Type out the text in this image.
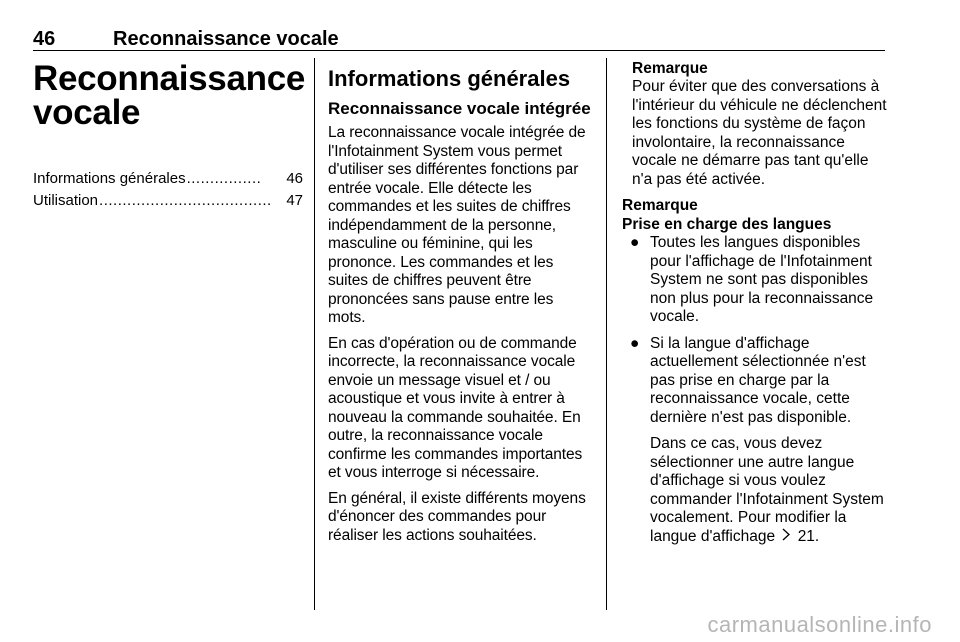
46	Reconnaissance vocale
Reconnaissance vocale
Informations générales ................	46
Utilisation ..................................... 47
Informations générales
Reconnaissance vocale intégrée

La reconnaissance vocale intégrée de l'Infotainment System vous permet d'utiliser ses différentes fonctions par entrée vocale. Elle détecte les commandes et les suites de chiffres indépendamment de la personne, masculine ou féminine, qui les prononce. Les commandes et les suites de chiffres peuvent être prononcées sans pause entre les mots.

En cas d'opération ou de commande incorrecte, la reconnaissance vocale envoie un message visuel et / ou acoustique et vous invite à entrer à nouveau la commande souhaitée. En outre, la reconnaissance vocale confirme les commandes importantes et vous interroge si nécessaire.

En général, il existe différents moyens d'énoncer des commandes pour réaliser les actions souhaitées.

Remarque

Pour éviter que des conversations à l'intérieur du véhicule ne déclenchent les fonctions du système de façon involontaire, la reconnaissance vocale ne démarre pas tant qu'elle n'a pas été activée.

Remarque

Prise en charge des langues

● Toutes les langues disponibles pour l'affichage de l'Infotainment System ne sont pas disponibles non plus pour la reconnaissance vocale.
● Si la langue d'affichage actuellement sélectionnée n'est pas prise en charge par la reconnaissance vocale, cette dernière n'est pas disponible.

Dans ce cas, vous devez sélectionner une autre langue d'affichage si vous voulez commander l'Infotainment System vocalement. Pour modifier la langue d'affichage 21.

carmanualsonline.info
